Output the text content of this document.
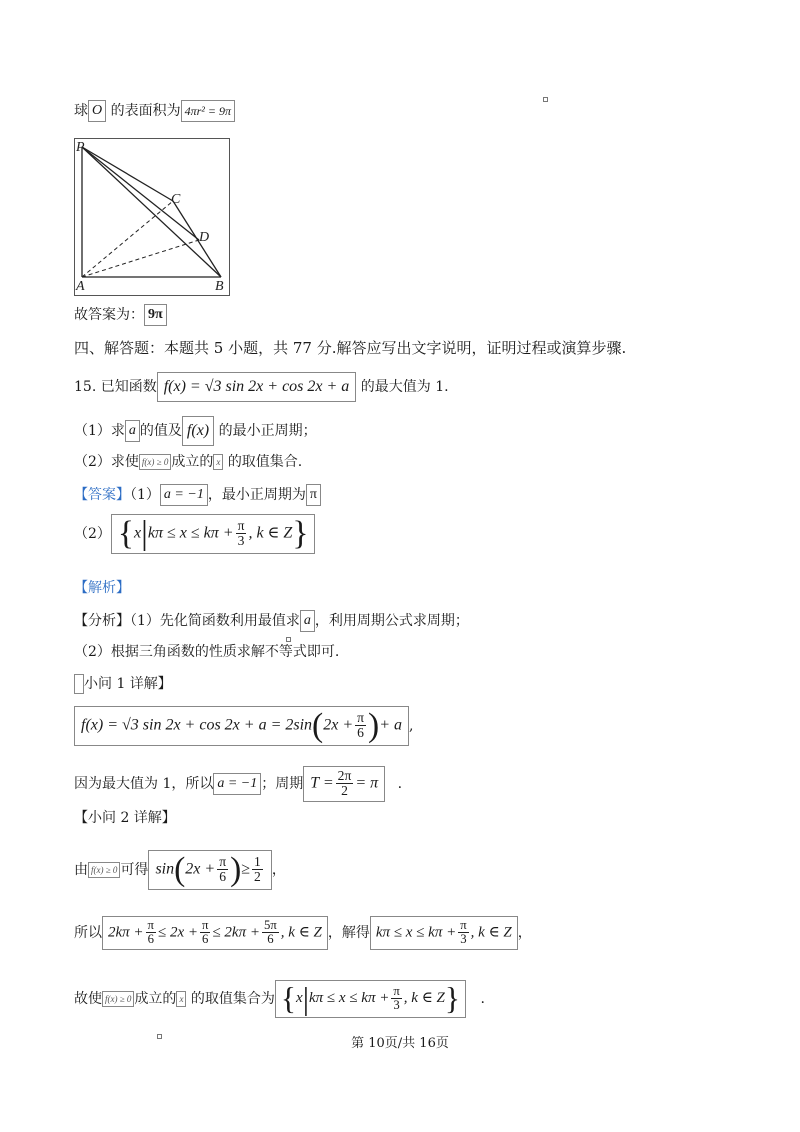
球 O 的表面积为 4πr² = 9π
P
A	B
C
D
故答案为： 9π
四、解答题：本题共 5 小题，共 77 分.解答应写出文字说明，证明过程或演算步骤.
15. 已知函数 f(x) = √3 sin 2x + cos 2x + a 的最大值为 1.
（1）求 a 的值及 f(x) 的最小正周期；
（2）求使 f(x) ≥ 0 成立的 x 的取值集合.
【答案】（1） a = −1 ，最小正周期为 π
（2） {$x|k\pi \le x \le k\pi + \frac{\pi}{3}$ , k ∈ Z}
【解析】
【分析】（1）先化简函数利用最值求 a ，利用周期公式求周期；
（2）根据三角函数的性质求解不等式即可.
小问 1 详解】
f(x) = √3 $\sin 2x + \cos 2x + a = 2\sin(2x + \frac{\pi}{6}$ )+ a ,
因为最大值为 1，所以 a = −1 ；周期 $T = \frac{2\pi}{2} = \pi$ .
【小问 2 详解】
由 f(x) ≥ 0 可得 $\sin(2x + \frac{\pi}{6}$ )≥ $\frac{1}{2}$ ，
所以 $2k\pi + \frac{\pi}{6} \le 2x + \frac{\pi}{6} \le 2k\pi + \frac{5\pi}{6}$ , k ∈ Z ，解得 $k\pi \le x \le k\pi + \frac{\pi}{3}$ , k ∈ Z ，
故使 f(x) ≥ 0 成立的 x 的取值集合为 {$x|k\pi \le x \le k\pi + \frac{\pi}{3}$ , k ∈ Z} .
第 10页/共 16页
